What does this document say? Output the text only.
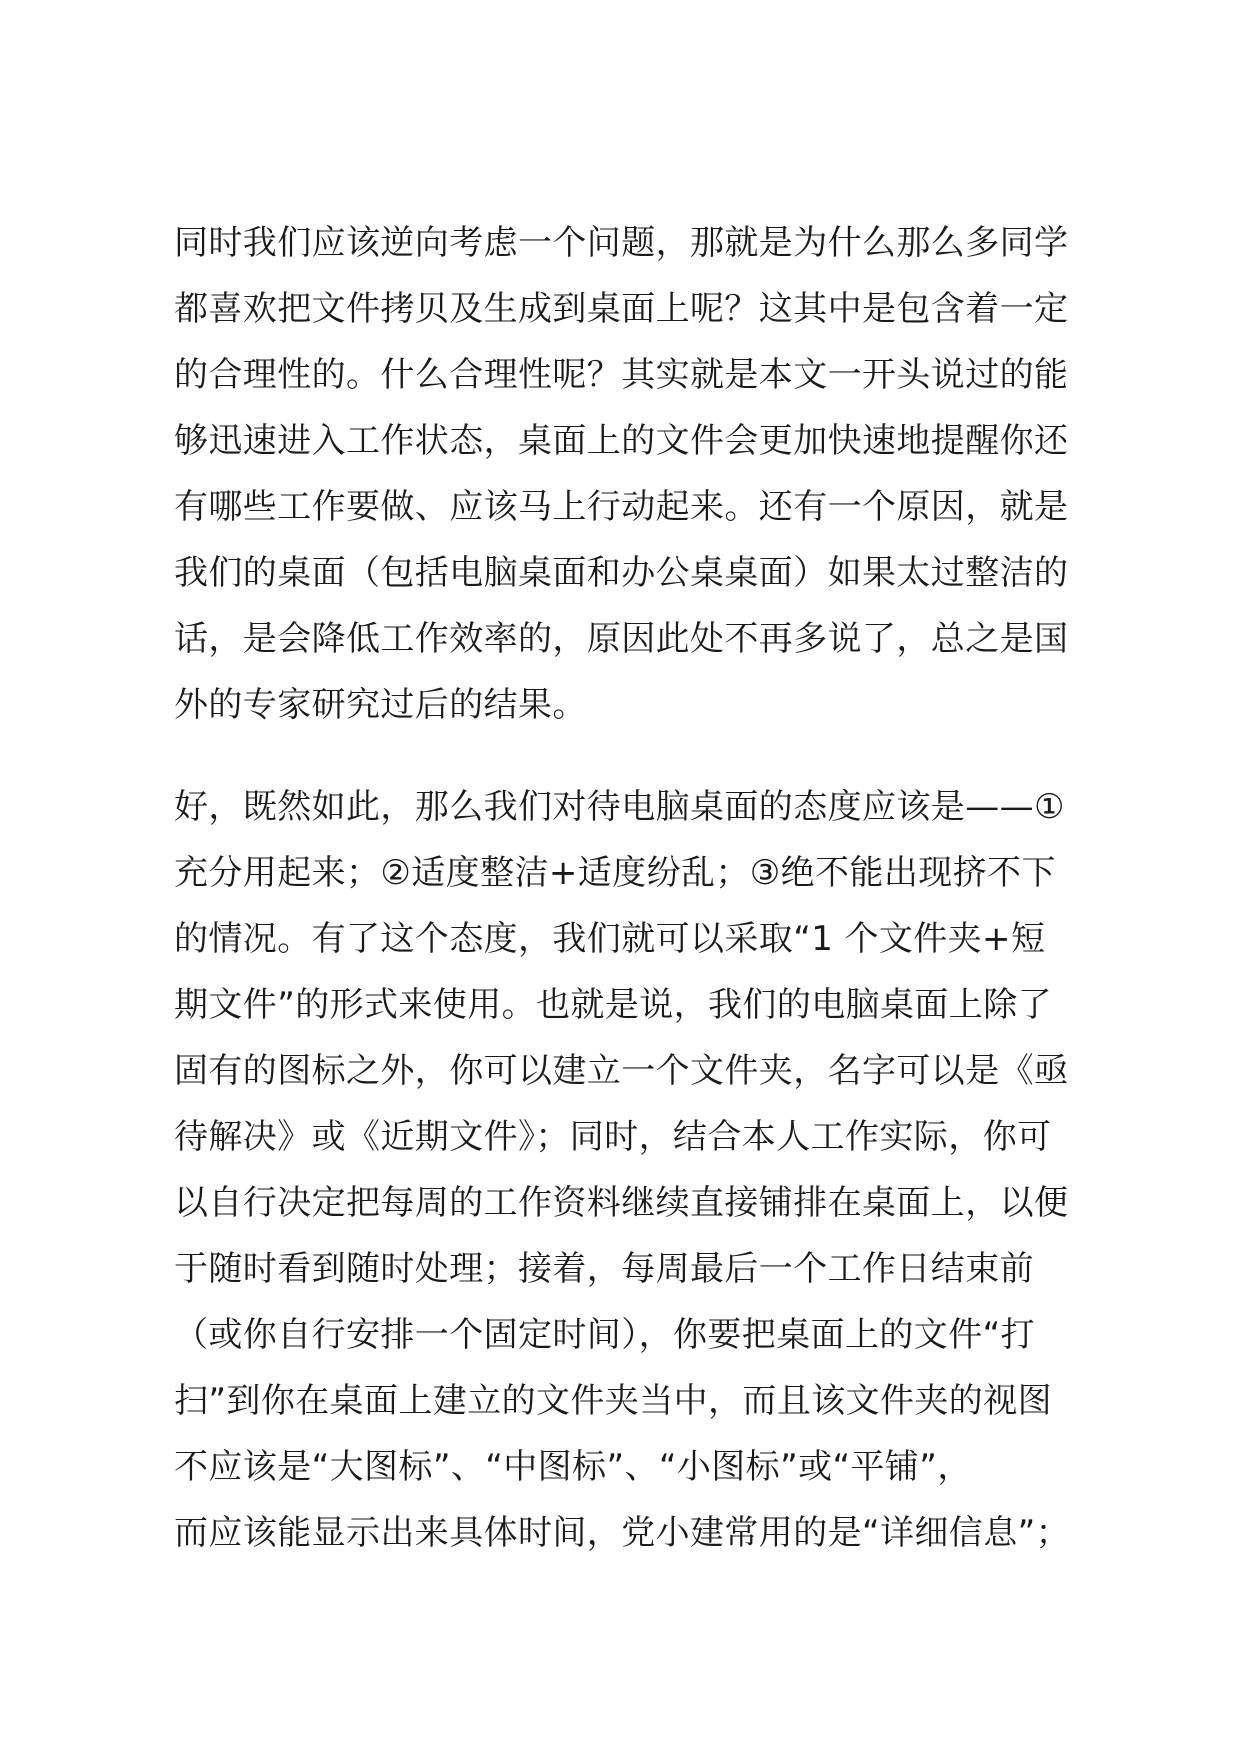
同时我们应该逆向考虑一个问题，那就是为什么那么多同学
都喜欢把文件拷贝及生成到桌面上呢？这其中是包含着一定
的合理性的。什么合理性呢？其实就是本文一开头说过的能
够迅速进入工作状态，桌面上的文件会更加快速地提醒你还
有哪些工作要做、应该马上行动起来。还有一个原因，就是
我们的桌面（包括电脑桌面和办公桌桌面）如果太过整洁的
话，是会降低工作效率的，原因此处不再多说了，总之是国
外的专家研究过后的结果。
好，既然如此，那么我们对待电脑桌面的态度应该是——①
充分用起来；②适度整洁+适度纷乱；③绝不能出现挤不下
的情况。有了这个态度，我们就可以采取“1 个文件夹+短
期文件”的形式来使用。也就是说，我们的电脑桌面上除了
固有的图标之外，你可以建立一个文件夹，名字可以是《亟
待解决》或《近期文件》；同时，结合本人工作实际，你可
以自行决定把每周的工作资料继续直接铺排在桌面上，以便
于随时看到随时处理；接着，每周最后一个工作日结束前
（或你自行安排一个固定时间），你要把桌面上的文件“打
扫”到你在桌面上建立的文件夹当中，而且该文件夹的视图
不应该是“大图标”、“中图标”、“小图标”或“平铺”，
而应该能显示出来具体时间，党小建常用的是“详细信息”；
